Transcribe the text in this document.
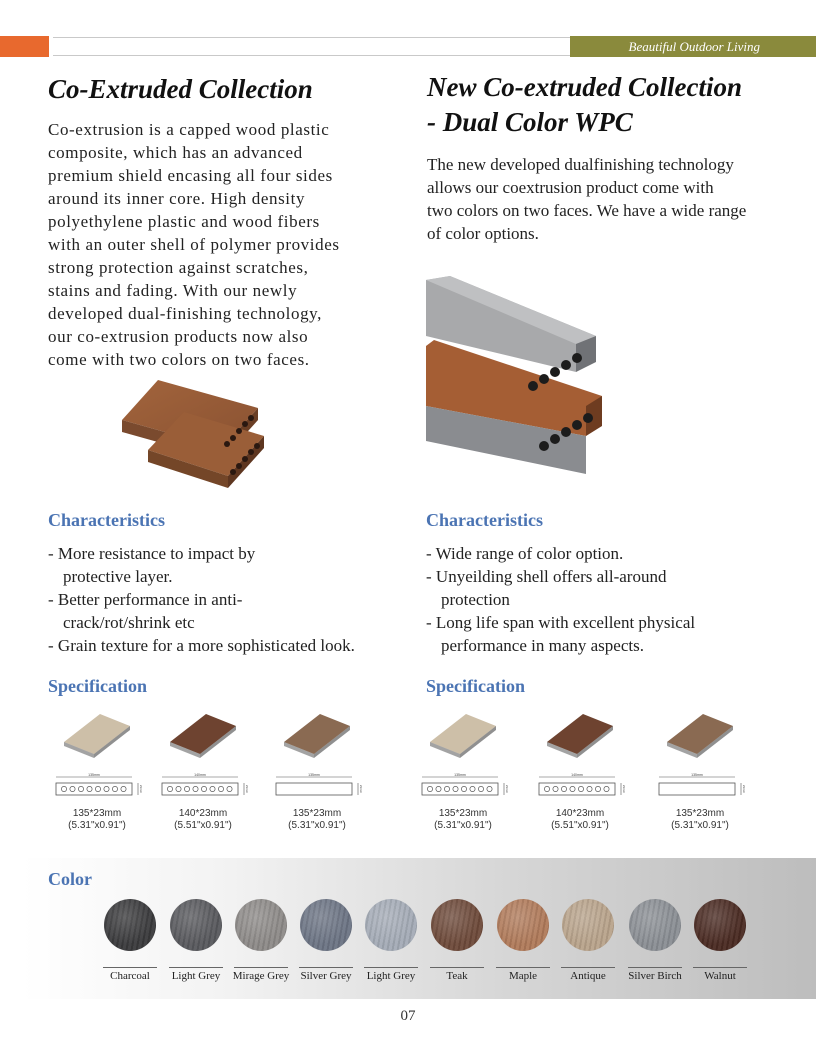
Beautiful Outdoor Living
Co-Extruded Collection
Co-extrusion is a capped wood plastic
composite, which has an advanced
premium shield encasing all four sides
around its inner core. High density
polyethylene plastic and wood fibers
with an outer shell of polymer provides
strong protection against scratches,
stains and fading. With our newly
developed dual-finishing technology,
our co-extrusion products now also
come with two colors on two faces.
Characteristics
- More resistance to impact by
protective layer.
- Better performance in anti-
crack/rot/shrink etc
- Grain texture for a more sophisticated look.
Specification
New Co-extruded Collection
- Dual Color WPC
The new developed dualfinishing technology
allows our coextrusion product come with
two colors on two faces. We have a wide range
of color options.
Characteristics
- Wide range of color option.
- Unyeilding shell offers all-around
protection
- Long life span with excellent physical
performance in many aspects.
Specification
135mm
23mm
135*23mm
(5.31"x0.91")
140mm
23mm
140*23mm
(5.51"x0.91")
135mm
23mm
135*23mm
(5.31"x0.91")
135mm
23mm
135*23mm
(5.31"x0.91")
140mm
23mm
140*23mm
(5.51"x0.91")
135mm
23mm
135*23mm
(5.31"x0.91")
Color
Charcoal	Light Grey	Mirage Grey	Silver Grey	Light Grey	Teak	Maple	Antique	Silver Birch	Walnut
07
